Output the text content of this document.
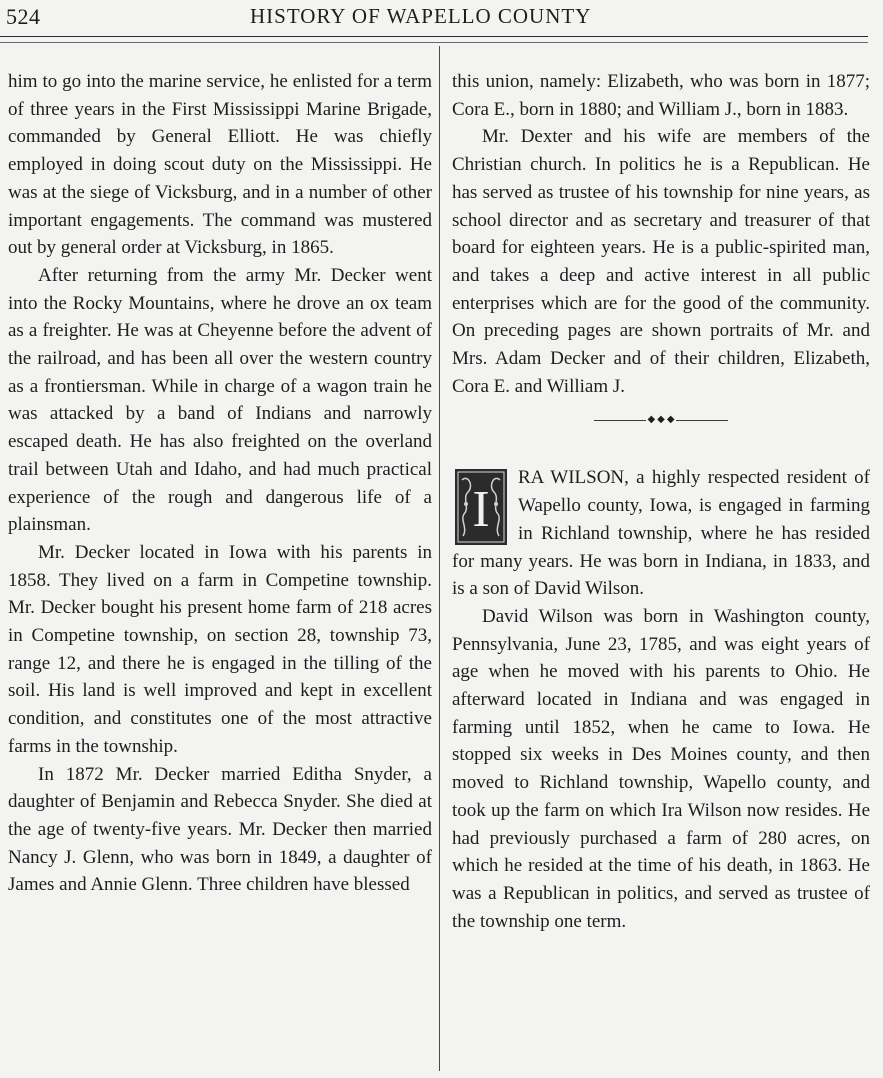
524	HISTORY OF WAPELLO COUNTY

him to go into the marine service, he enlisted for a term of three years in the First Mississippi Marine Brigade, commanded by General Elliott. He was chiefly employed in doing scout duty on the Mississippi. He was at the siege of Vicksburg, and in a number of other important engagements. The command was mustered out by general order at Vicksburg, in 1865.

After returning from the army Mr. Decker went into the Rocky Mountains, where he drove an ox team as a freighter. He was at Cheyenne before the advent of the railroad, and has been all over the western country as a frontiersman. While in charge of a wagon train he was attacked by a band of Indians and narrowly escaped death. He has also freighted on the overland trail between Utah and Idaho, and had much practical experience of the rough and dangerous life of a plainsman.

Mr. Decker located in Iowa with his parents in 1858. They lived on a farm in Competine township. Mr. Decker bought his present home farm of 218 acres in Competine township, on section 28, township 73, range 12, and there he is engaged in the tilling of the soil. His land is well improved and kept in excellent condition, and constitutes one of the most attractive farms in the township.

In 1872 Mr. Decker married Editha Snyder, a daughter of Benjamin and Rebecca Snyder. She died at the age of twenty-five years. Mr. Decker then married Nancy J. Glenn, who was born in 1849, a daughter of James and Annie Glenn. Three children have blessed

this union, namely: Elizabeth, who was born in 1877; Cora E., born in 1880; and William J., born in 1883.

Mr. Dexter and his wife are members of the Christian church. In politics he is a Republican. He has served as trustee of his township for nine years, as school director and as secretary and treasurer of that board for eighteen years. He is a public-spirited man, and takes a deep and active interest in all public enterprises which are for the good of the community. On preceding pages are shown portraits of Mr. and Mrs. Adam Decker and of their children, Elizabeth, Cora E. and William J.

◆ ◆ ◆
I

RA WILSON, a highly respected resident of Wapello county, Iowa, is engaged in farming in Richland township, where he has resided for many years. He was born in Indiana, in 1833, and is a son of David Wilson.

David Wilson was born in Washington county, Pennsylvania, June 23, 1785, and was eight years of age when he moved with his parents to Ohio. He afterward located in Indiana and was engaged in farming until 1852, when he came to Iowa. He stopped six weeks in Des Moines county, and then moved to Richland township, Wapello county, and took up the farm on which Ira Wilson now resides. He had previously purchased a farm of 280 acres, on which he resided at the time of his death, in 1863. He was a Republican in politics, and served as trustee of the township one term.
